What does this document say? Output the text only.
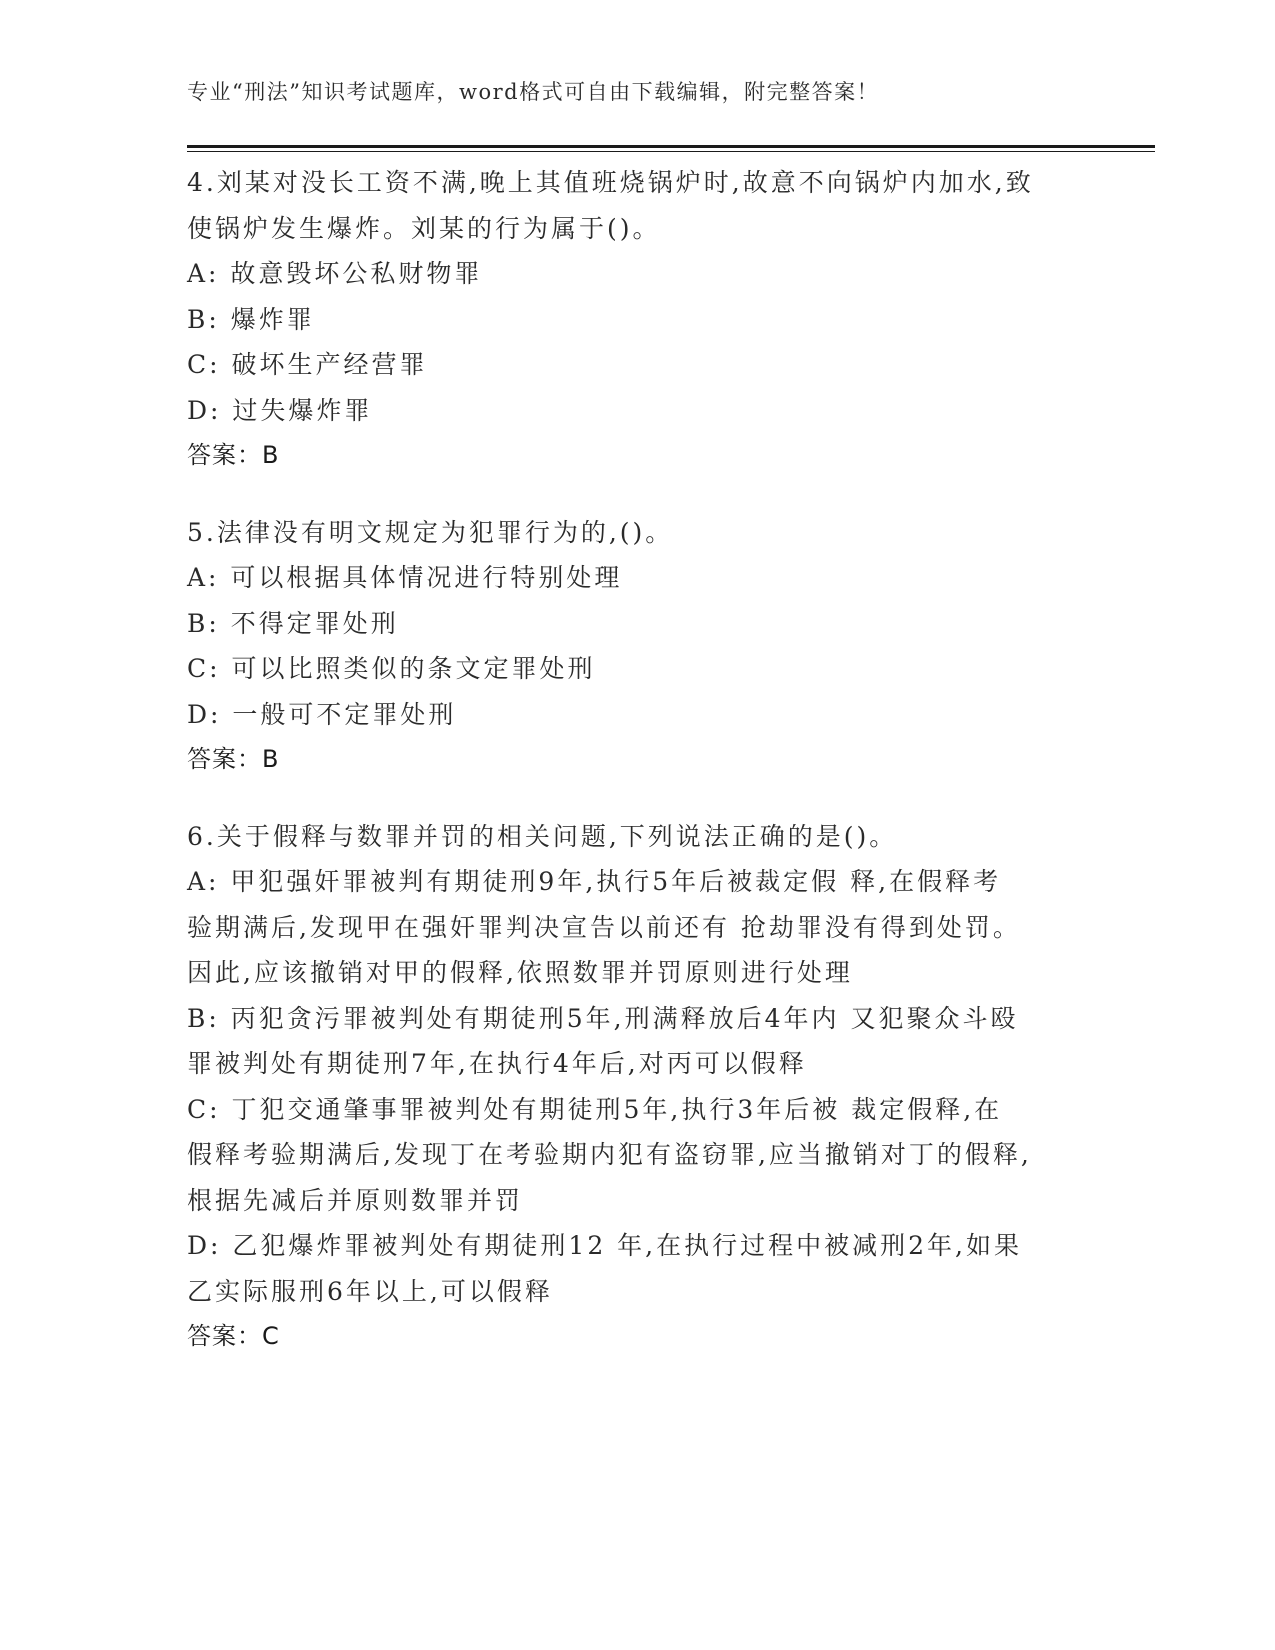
专业“刑法”知识考试题库，word格式可自由下载编辑，附完整答案！
4.刘某对没长工资不满,晚上其值班烧锅炉时,故意不向锅炉内加水,致
使锅炉发生爆炸。刘某的行为属于()。
A: 故意毁坏公私财物罪
B: 爆炸罪
C: 破坏生产经营罪
D: 过失爆炸罪
答案：B
5.法律没有明文规定为犯罪行为的,()。
A: 可以根据具体情况进行特别处理
B: 不得定罪处刑
C: 可以比照类似的条文定罪处刑
D: 一般可不定罪处刑
答案：B
6.关于假释与数罪并罚的相关问题,下列说法正确的是()。
A: 甲犯强奸罪被判有期徒刑9年,执行5年后被裁定假 释,在假释考
验期满后,发现甲在强奸罪判决宣告以前还有 抢劫罪没有得到处罚。
因此,应该撤销对甲的假释,依照数罪并罚原则进行处理
B: 丙犯贪污罪被判处有期徒刑5年,刑满释放后4年内 又犯聚众斗殴
罪被判处有期徒刑7年,在执行4年后,对丙可以假释
C: 丁犯交通肇事罪被判处有期徒刑5年,执行3年后被 裁定假释,在
假释考验期满后,发现丁在考验期内犯有盗窃罪,应当撤销对丁的假释,
根据先减后并原则数罪并罚
D: 乙犯爆炸罪被判处有期徒刑12 年,在执行过程中被减刑2年,如果
乙实际服刑6年以上,可以假释
答案：C
